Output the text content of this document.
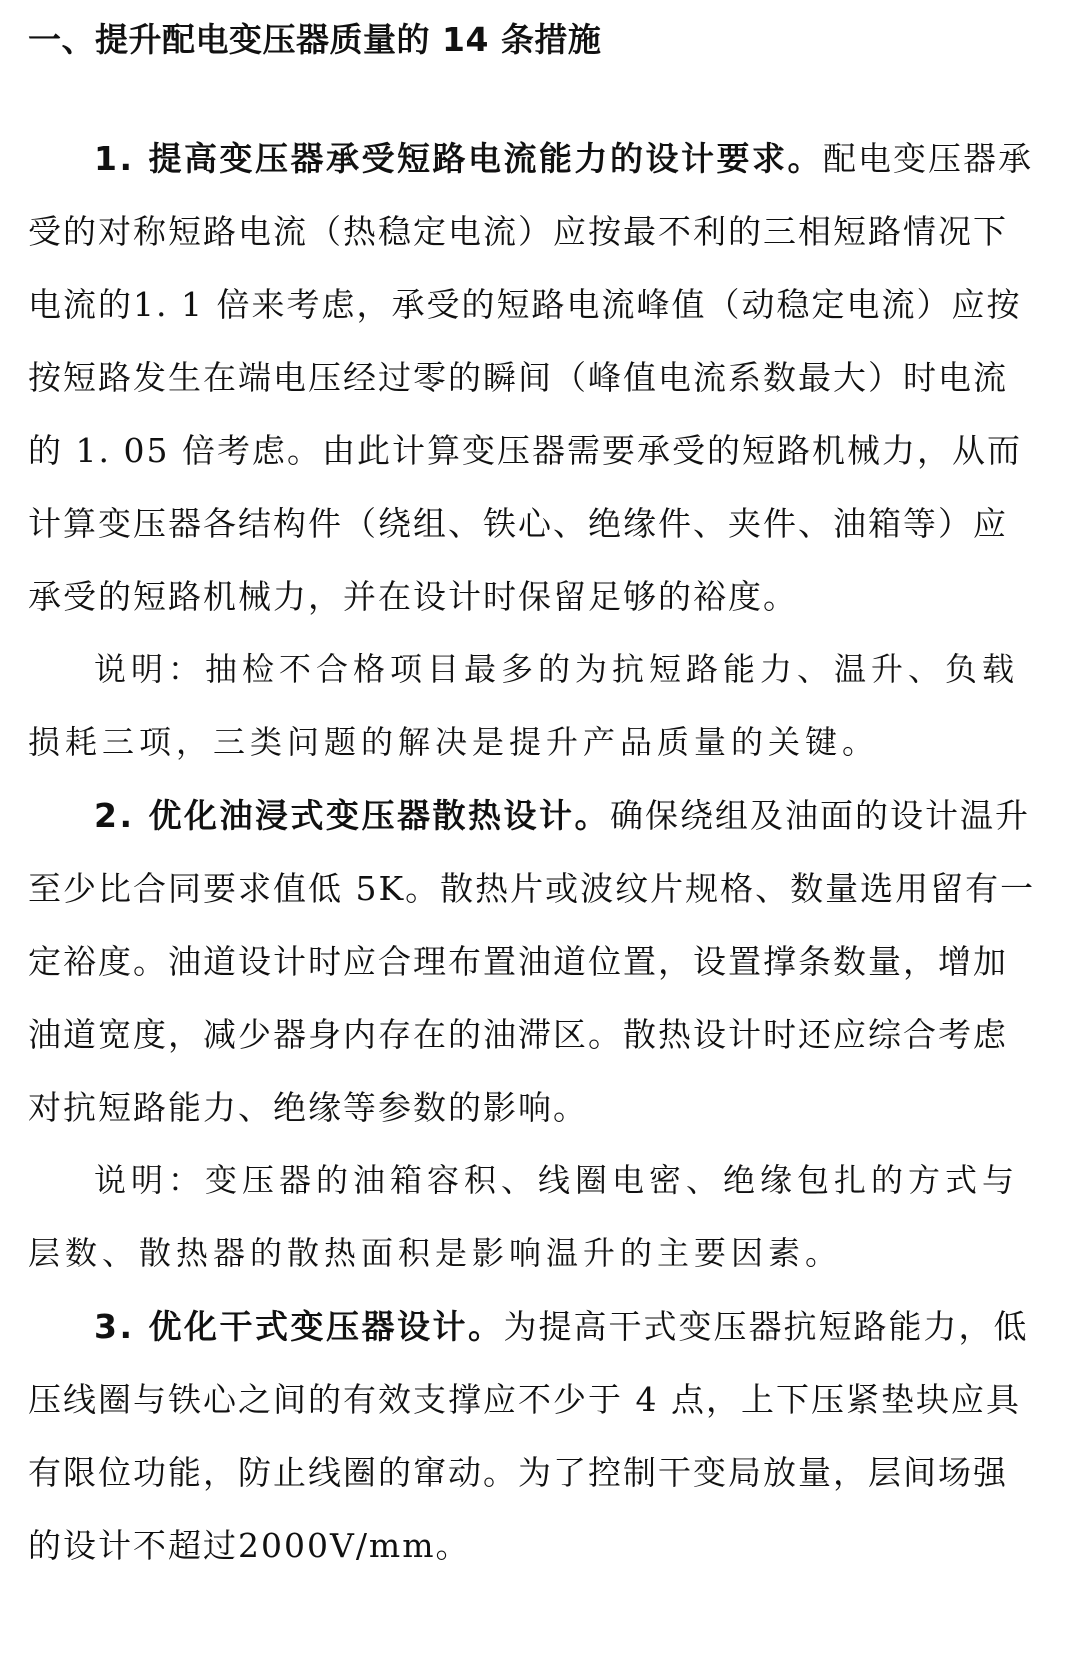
一、提升配电变压器质量的 14 条措施

1. 提高变压器承受短路电流能力的设计要求。配电变压器承受的对称短路电流（热稳定电流）应按最不利的三相短路情况下电流的1. 1 倍来考虑，承受的短路电流峰值（动稳定电流）应按按短路发生在端电压经过零的瞬间（峰值电流系数最大）时电流的 1. 05 倍考虑。由此计算变压器需要承受的短路机械力，从而计算变压器各结构件（绕组、铁心、绝缘件、夹件、油箱等）应承受的短路机械力，并在设计时保留足够的裕度。

说明：抽检不合格项目最多的为抗短路能力、温升、负载损耗三项，三类问题的解决是提升产品质量的关键。

2. 优化油浸式变压器散热设计。确保绕组及油面的设计温升至少比合同要求值低 5K。散热片或波纹片规格、数量选用留有一定裕度。油道设计时应合理布置油道位置，设置撑条数量，增加油道宽度，减少器身内存在的油滞区。散热设计时还应综合考虑对抗短路能力、绝缘等参数的影响。

说明：变压器的油箱容积、线圈电密、绝缘包扎的方式与层数、散热器的散热面积是影响温升的主要因素。

3. 优化干式变压器设计。为提高干式变压器抗短路能力，低压线圈与铁心之间的有效支撑应不少于 4 点，上下压紧垫块应具有限位功能，防止线圈的窜动。为了控制干变局放量，层间场强的设计不超过2000V/mm。
